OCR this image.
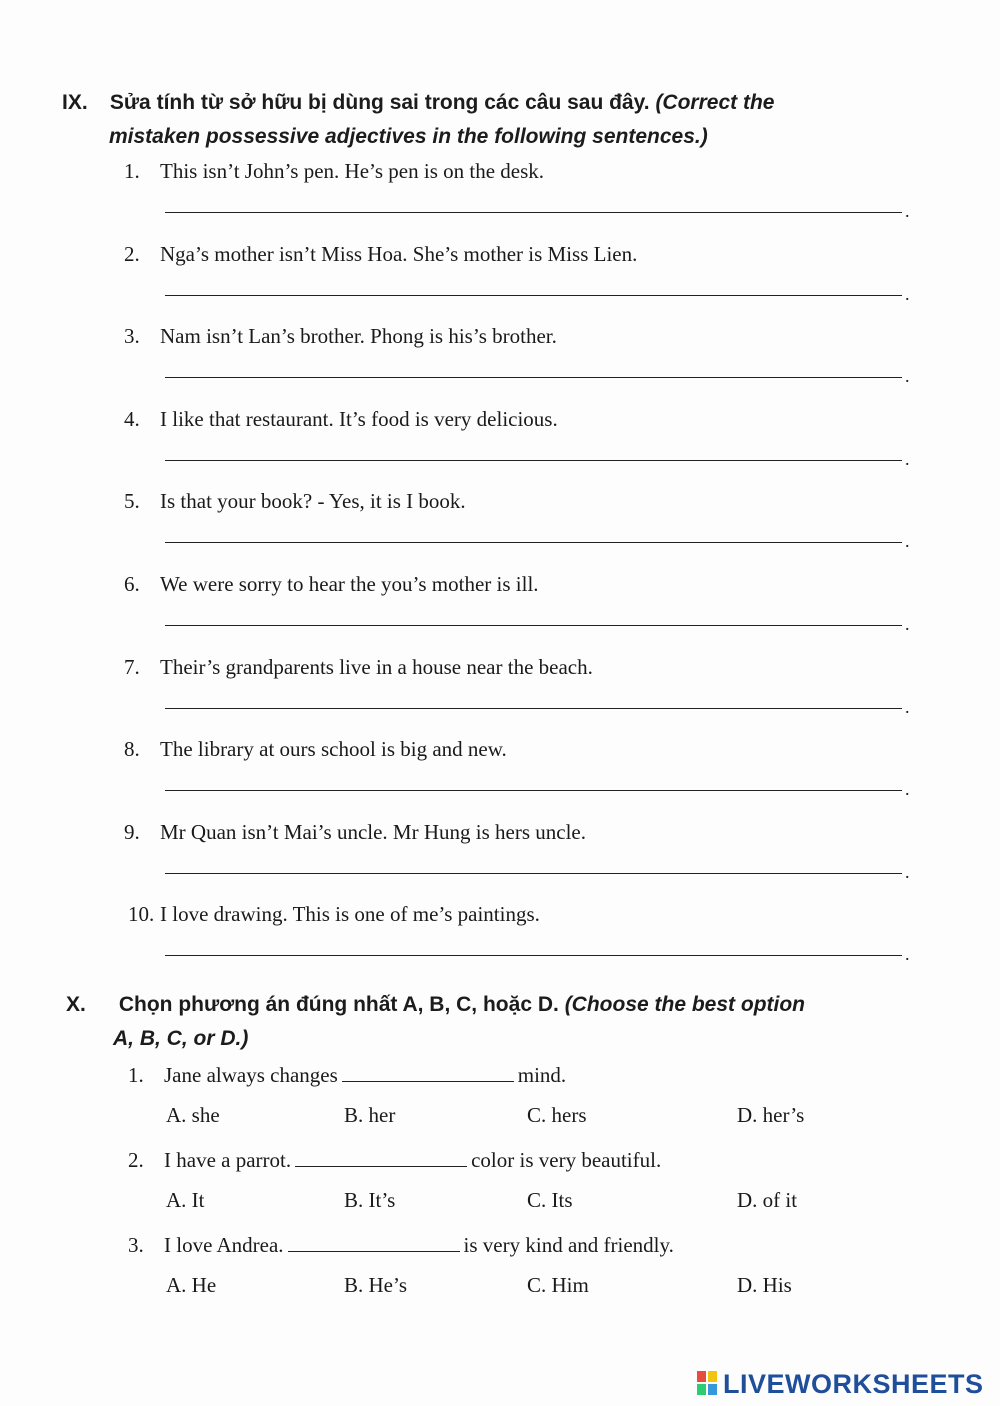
IX. Sửa tính từ sở hữu bị dùng sai trong các câu sau đây. (Correct the
mistaken possessive adjectives in the following sentences.)
1. This isn’t John’s pen. He’s pen is on the desk.
.
2. Nga’s mother isn’t Miss Hoa. She’s mother is Miss Lien.
.
3. Nam isn’t Lan’s brother. Phong is his’s brother.
.
4. I like that restaurant. It’s food is very delicious.
.
5. Is that your book? - Yes, it is I book.
.
6. We were sorry to hear the you’s mother is ill.
.
7. Their’s grandparents live in a house near the beach.
.
8. The library at ours school is big and new.
.
9. Mr Quan isn’t Mai’s uncle. Mr Hung is hers uncle.
.
10. I love drawing. This is one of me’s paintings.
.
X. Chọn phương án đúng nhất A, B, C, hoặc D. (Choose the best option
A, B, C, or D.)
1. Jane always changes	mind.
A. she	B. her	C. hers	D. her’s
2. I have a parrot.	color is very beautiful.
A. It	B. It’s	C. Its	D. of it
3. I love Andrea.	is very kind and friendly.
A. He	B. He’s	C. Him	D. His
LIVEWORKSHEETS
